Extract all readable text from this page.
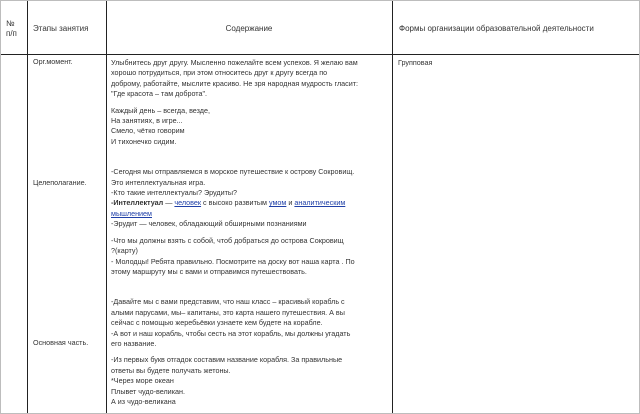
№
п/п
Этапы занятия	Содержание	Формы организации образовательной деятельности
Орг.момент.
Целеполагание.
Основная часть.
Групповая

Улыбнитесь друг другу. Мысленно пожелайте всем успехов. Я желаю вам

хорошо потрудиться, при этом относитесь друг к другу всегда по

доброму, работайте, мыслите красиво. Не зря народная мудрость гласит:

"Где красота – там доброта".

Каждый день – всегда, везде,

На занятиях, в игре...

Смело, чётко говорим

И тихонечко сидим.

-Сегодня мы отправляемся в морское путешествие к острову Сокровищ.

Это интеллектуальная игра.

-Кто такие интеллектуалы? Эрудиты?

-Интеллектуал — человек с высоко развитым умом и аналитическим

мышлением

-Эрудит — человек, обладающий обширными познаниями

-Что мы должны взять с собой, чтоб добраться до острова Сокровищ

?(карту)

- Молодцы! Ребята правильно. Посмотрите на доску вот наша карта . По

этому маршруту мы с вами и отправимся путешествовать.

-Давайте мы с вами представим, что наш класс – красивый корабль с

алыми парусами, мы– капитаны, это карта нашего путешествия. А вы

сейчас с помощью жеребьёвки узнаете кем будете на корабле.

-А вот и наш корабль, чтобы сесть на этот корабль, мы должны угадать

его название.

-Из первых букв отгадок составим название корабля. За правильные

ответы вы будете получать жетоны.

*Через море океан

Плывет чудо-великан.

А из чудо-великана
